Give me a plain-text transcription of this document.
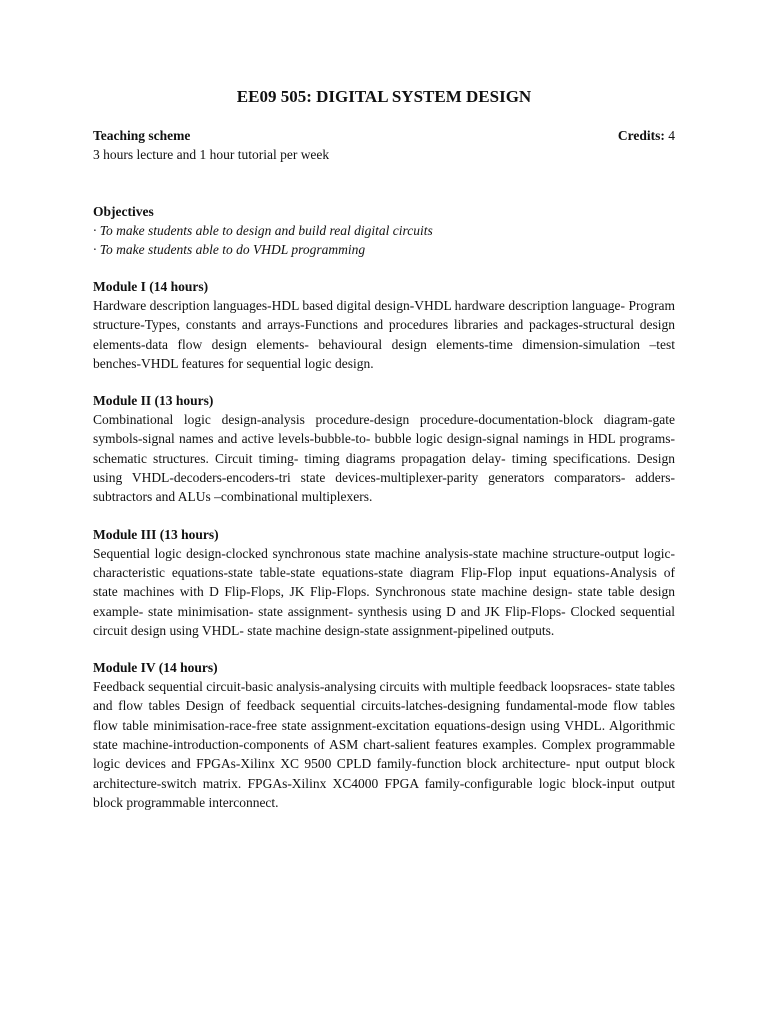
EE09 505: DIGITAL SYSTEM DESIGN
Teaching scheme	Credits: 4

3 hours lecture and 1 hour tutorial per week

Objectives

· To make students able to design and build real digital circuits

· To make students able to do VHDL programming

Module I (14 hours)

Hardware description languages-HDL based digital design-VHDL hardware description language- Program structure-Types, constants and arrays-Functions and procedures libraries and packages-structural design elements-data flow design elements- behavioural design elements-time dimension-simulation –test benches-VHDL features for sequential logic design.

Module II (13 hours)

Combinational logic design-analysis procedure-design procedure-documentation-block diagram-gate symbols-signal names and active levels-bubble-to- bubble logic design-signal namings in HDL programs-schematic structures. Circuit timing- timing diagrams propagation delay- timing specifications. Design using VHDL-decoders-encoders-tri state devices-multiplexer-parity generators comparators- adders- subtractors and ALUs –combinational multiplexers.

Module III (13 hours)

Sequential logic design-clocked synchronous state machine analysis-state machine structure-output logic-characteristic equations-state table-state equations-state diagram Flip-Flop input equations-Analysis of state machines with D Flip-Flops, JK Flip-Flops. Synchronous state machine design- state table design example- state minimisation- state assignment- synthesis using D and JK Flip-Flops- Clocked sequential circuit design using VHDL- state machine design-state assignment-pipelined outputs.

Module IV (14 hours)

Feedback sequential circuit-basic analysis-analysing circuits with multiple feedback loopsraces- state tables and flow tables Design of feedback sequential circuits-latches-designing fundamental-mode flow tables flow table minimisation-race-free state assignment-excitation equations-design using VHDL. Algorithmic state machine-introduction-components of ASM chart-salient features examples. Complex programmable logic devices and FPGAs-Xilinx XC 9500 CPLD family-function block architecture- nput output block architecture-switch matrix. FPGAs-Xilinx XC4000 FPGA family-configurable logic block-input output block programmable interconnect.
